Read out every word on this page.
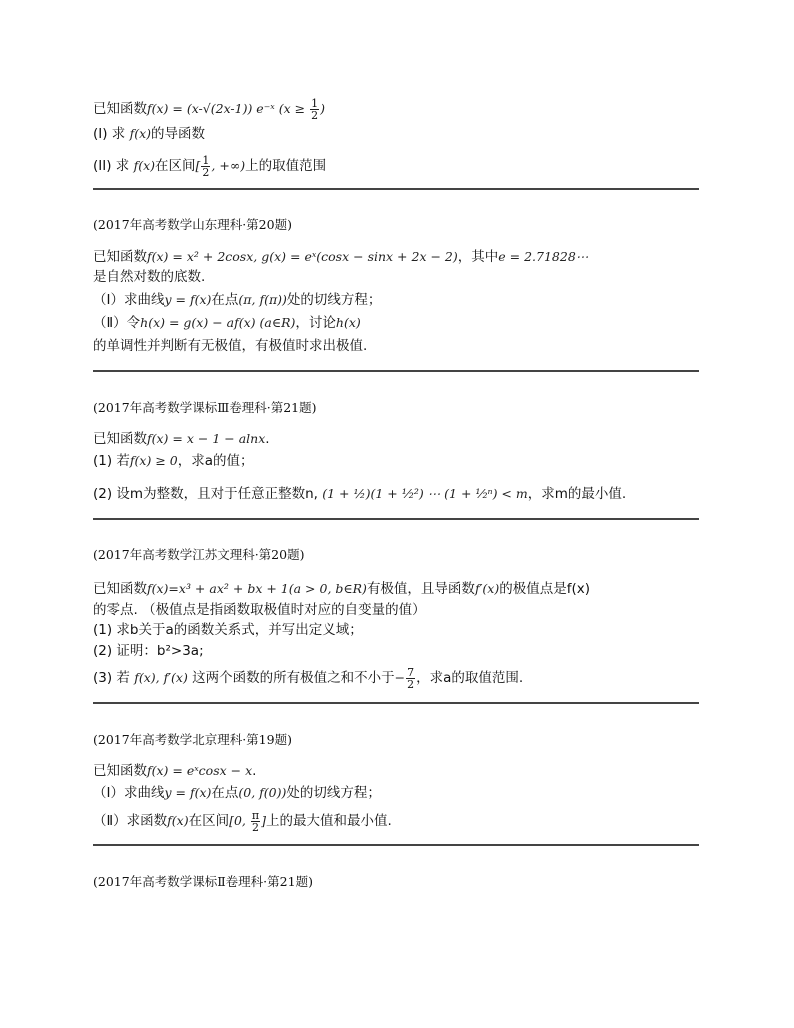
已知函数f(x) = (x-√(2x-1)) e⁻ˣ ($x \ge \frac{1}{2}$ )
(I) 求 f(x)的导函数
(II) 求 f(x)在区间[ $\frac{1}{2}$ , +∞)上的取值范围
(2017年高考数学山东理科·第20题)
已知函数f(x) = x² + 2cosx, g(x) = eˣ(cosx − sinx + 2x − 2)，其中e = 2.71828⋯
是自然对数的底数.
（Ⅰ）求曲线y = f(x)在点(π, f(π))处的切线方程；
（Ⅱ）令h(x) = g(x) − af(x) (a∈R)，讨论h(x)
的单调性并判断有无极值，有极值时求出极值.
(2017年高考数学课标Ⅲ卷理科·第21题)
已知函数f(x) = x − 1 − alnx.
(1) 若f(x) ≥ 0，求a的值；
(2) 设m为整数，且对于任意正整数n, (1 + ½)(1 + ¹⁄₂²) ⋯ (1 + ¹⁄₂ⁿ) < m，求m的最小值.
(2017年高考数学江苏文理科·第20题)
已知函数f(x)=x³ + ax² + bx + 1(a > 0, b∈R)有极值，且导函数f′(x)的极值点是f(x)
的零点. （极值点是指函数取极值时对应的自变量的值）
(1) 求b关于a的函数关系式，并写出定义域；
(2) 证明：b²>3a;
(3) 若 f(x), f′(x) 这两个函数的所有极值之和不小于− $\frac{7}{2}$ ，求a的取值范围.
(2017年高考数学北京理科·第19题)
已知函数f(x) = eˣcosx − x.
（Ⅰ）求曲线y = f(x)在点(0, f(0))处的切线方程；
（Ⅱ）求函数f(x)在区间[0, $\frac{\pi}{2}$ ]上的最大值和最小值.
(2017年高考数学课标Ⅱ卷理科·第21题)
